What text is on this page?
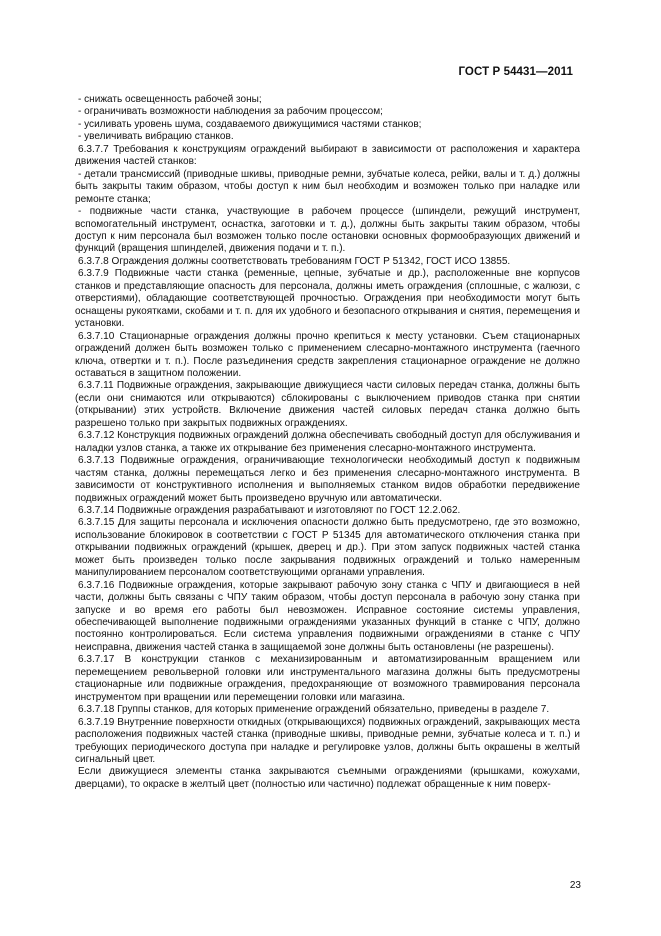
ГОСТ Р 54431—2011

- снижать освещенность рабочей зоны;

- ограничивать возможности наблюдения за рабочим процессом;

- усиливать уровень шума, создаваемого движущимися частями станков;

- увеличивать вибрацию станков.

6.3.7.7 Требования к конструкциям ограждений выбирают в зависимости от расположения и характера движения частей станков:

- детали трансмиссий (приводные шкивы, приводные ремни, зубчатые колеса, рейки, валы и т. д.) должны быть закрыты таким образом, чтобы доступ к ним был необходим и возможен только при наладке или ремонте станка;

- подвижные части станка, участвующие в рабочем процессе (шпиндели, режущий инструмент, вспомогательный инструмент, оснастка, заготовки и т. д.), должны быть закрыты таким образом, чтобы доступ к ним персонала был возможен только после остановки основных формообразующих движений и функций (вращения шпинделей, движения подачи и т. п.).

6.3.7.8 Ограждения должны соответствовать требованиям ГОСТ Р 51342, ГОСТ ИСО 13855.

6.3.7.9 Подвижные части станка (ременные, цепные, зубчатые и др.), расположенные вне корпусов станков и представляющие опасность для персонала, должны иметь ограждения (сплошные, с жалюзи, с отверстиями), обладающие соответствующей прочностью. Ограждения при необходимости могут быть оснащены рукоятками, скобами и т. п. для их удобного и безопасного открывания и снятия, перемещения и установки.

6.3.7.10 Стационарные ограждения должны прочно крепиться к месту установки. Съем стационарных ограждений должен быть возможен только с применением слесарно-монтажного инструмента (гаечного ключа, отвертки и т. п.). После разъединения средств закрепления стационарное ограждение не должно оставаться в защитном положении.

6.3.7.11 Подвижные ограждения, закрывающие движущиеся части силовых передач станка, должны быть (если они снимаются или открываются) сблокированы с выключением приводов станка при снятии (открывании) этих устройств. Включение движения частей силовых передач станка должно быть разрешено только при закрытых подвижных ограждениях.

6.3.7.12 Конструкция подвижных ограждений должна обеспечивать свободный доступ для обслуживания и наладки узлов станка, а также их открывание без применения слесарно-монтажного инструмента.

6.3.7.13 Подвижные ограждения, ограничивающие технологически необходимый доступ к подвижным частям станка, должны перемещаться легко и без применения слесарно-монтажного инструмента. В зависимости от конструктивного исполнения и выполняемых станком видов обработки передвижение подвижных ограждений может быть произведено вручную или автоматически.

6.3.7.14 Подвижные ограждения разрабатывают и изготовляют по ГОСТ 12.2.062.

6.3.7.15 Для защиты персонала и исключения опасности должно быть предусмотрено, где это возможно, использование блокировок в соответствии с ГОСТ Р 51345 для автоматического отключения станка при открывании подвижных ограждений (крышек, дверец и др.). При этом запуск подвижных частей станка может быть произведен только после закрывания подвижных ограждений и только намеренным манипулированием персоналом соответствующими органами управления.

6.3.7.16 Подвижные ограждения, которые закрывают рабочую зону станка с ЧПУ и двигающиеся в ней части, должны быть связаны с ЧПУ таким образом, чтобы доступ персонала в рабочую зону станка при запуске и во время его работы был невозможен. Исправное состояние системы управления, обеспечивающей выполнение подвижными ограждениями указанных функций в станке с ЧПУ, должно постоянно контролироваться. Если система управления подвижными ограждениями в станке с ЧПУ неисправна, движения частей станка в защищаемой зоне должны быть остановлены (не разрешены).

6.3.7.17 В конструкции станков с механизированным и автоматизированным вращением или перемещением револьверной головки или инструментального магазина должны быть предусмотрены стационарные или подвижные ограждения, предохраняющие от возможного травмирования персонала инструментом при вращении или перемещении головки или магазина.

6.3.7.18 Группы станков, для которых применение ограждений обязательно, приведены в разделе 7.

6.3.7.19 Внутренние поверхности откидных (открывающихся) подвижных ограждений, закрывающих места расположения подвижных частей станка (приводные шкивы, приводные ремни, зубчатые колеса и т. п.) и требующих периодического доступа при наладке и регулировке узлов, должны быть окрашены в желтый сигнальный цвет.

Если движущиеся элементы станка закрываются съемными ограждениями (крышками, кожухами, дверцами), то окраске в желтый цвет (полностью или частично) подлежат обращенные к ним поверх-

23
